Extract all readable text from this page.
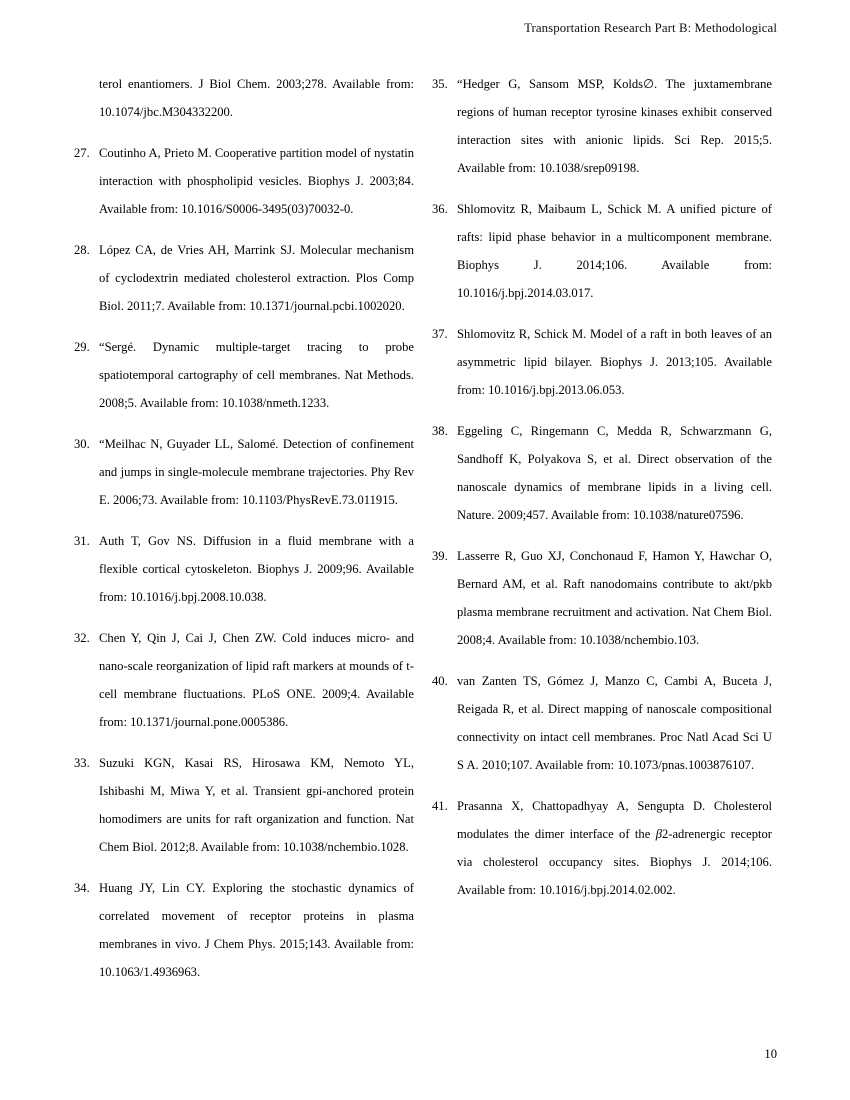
Transportation Research Part B: Methodological
terol enantiomers. J Biol Chem. 2003;278. Available from: 10.1074/jbc.M304332200.
27. Coutinho A, Prieto M. Cooperative partition model of nystatin interaction with phospholipid vesicles. Biophys J. 2003;84. Available from: 10.1016/S0006-3495(03)70032-0.
28. López CA, de Vries AH, Marrink SJ. Molecular mechanism of cyclodextrin mediated cholesterol extraction. Plos Comp Biol. 2011;7. Available from: 10.1371/journal.pcbi.1002020.
29. “Sergé. Dynamic multiple-target tracing to probe spatiotemporal cartography of cell membranes. Nat Methods. 2008;5. Available from: 10.1038/nmeth.1233.
30. “Meilhac N, Guyader LL, Salomé. Detection of confinement and jumps in single-molecule membrane trajectories. Phy Rev E. 2006;73. Available from: 10.1103/PhysRevE.73.011915.
31. Auth T, Gov NS. Diffusion in a fluid membrane with a flexible cortical cytoskeleton. Biophys J. 2009;96. Available from: 10.1016/j.bpj.2008.10.038.
32. Chen Y, Qin J, Cai J, Chen ZW. Cold induces micro- and nano-scale reorganization of lipid raft markers at mounds of t-cell membrane fluctuations. PLoS ONE. 2009;4. Available from: 10.1371/journal.pone.0005386.
33. Suzuki KGN, Kasai RS, Hirosawa KM, Nemoto YL, Ishibashi M, Miwa Y, et al. Transient gpi-anchored protein homodimers are units for raft organization and function. Nat Chem Biol. 2012;8. Available from: 10.1038/nchembio.1028.
34. Huang JY, Lin CY. Exploring the stochastic dynamics of correlated movement of receptor proteins in plasma membranes in vivo. J Chem Phys. 2015;143. Available from: 10.1063/1.4936963.
35. “Hedger G, Sansom MSP, Kolds∅. The juxtamembrane regions of human receptor tyrosine kinases exhibit conserved interaction sites with anionic lipids. Sci Rep. 2015;5. Available from: 10.1038/srep09198.
36. Shlomovitz R, Maibaum L, Schick M. A unified picture of rafts: lipid phase behavior in a multicomponent membrane. Biophys J. 2014;106. Available from: 10.1016/j.bpj.2014.03.017.
37. Shlomovitz R, Schick M. Model of a raft in both leaves of an asymmetric lipid bilayer. Biophys J. 2013;105. Available from: 10.1016/j.bpj.2013.06.053.
38. Eggeling C, Ringemann C, Medda R, Schwarzmann G, Sandhoff K, Polyakova S, et al. Direct observation of the nanoscale dynamics of membrane lipids in a living cell. Nature. 2009;457. Available from: 10.1038/nature07596.
39. Lasserre R, Guo XJ, Conchonaud F, Hamon Y, Hawchar O, Bernard AM, et al. Raft nanodomains contribute to akt/pkb plasma membrane recruitment and activation. Nat Chem Biol. 2008;4. Available from: 10.1038/nchembio.103.
40. van Zanten TS, Gómez J, Manzo C, Cambi A, Buceta J, Reigada R, et al. Direct mapping of nanoscale compositional connectivity on intact cell membranes. Proc Natl Acad Sci U S A. 2010;107. Available from: 10.1073/pnas.1003876107.
41. Prasanna X, Chattopadhyay A, Sengupta D. Cholesterol modulates the dimer interface of the β2-adrenergic receptor via cholesterol occupancy sites. Biophys J. 2014;106. Available from: 10.1016/j.bpj.2014.02.002.
10
